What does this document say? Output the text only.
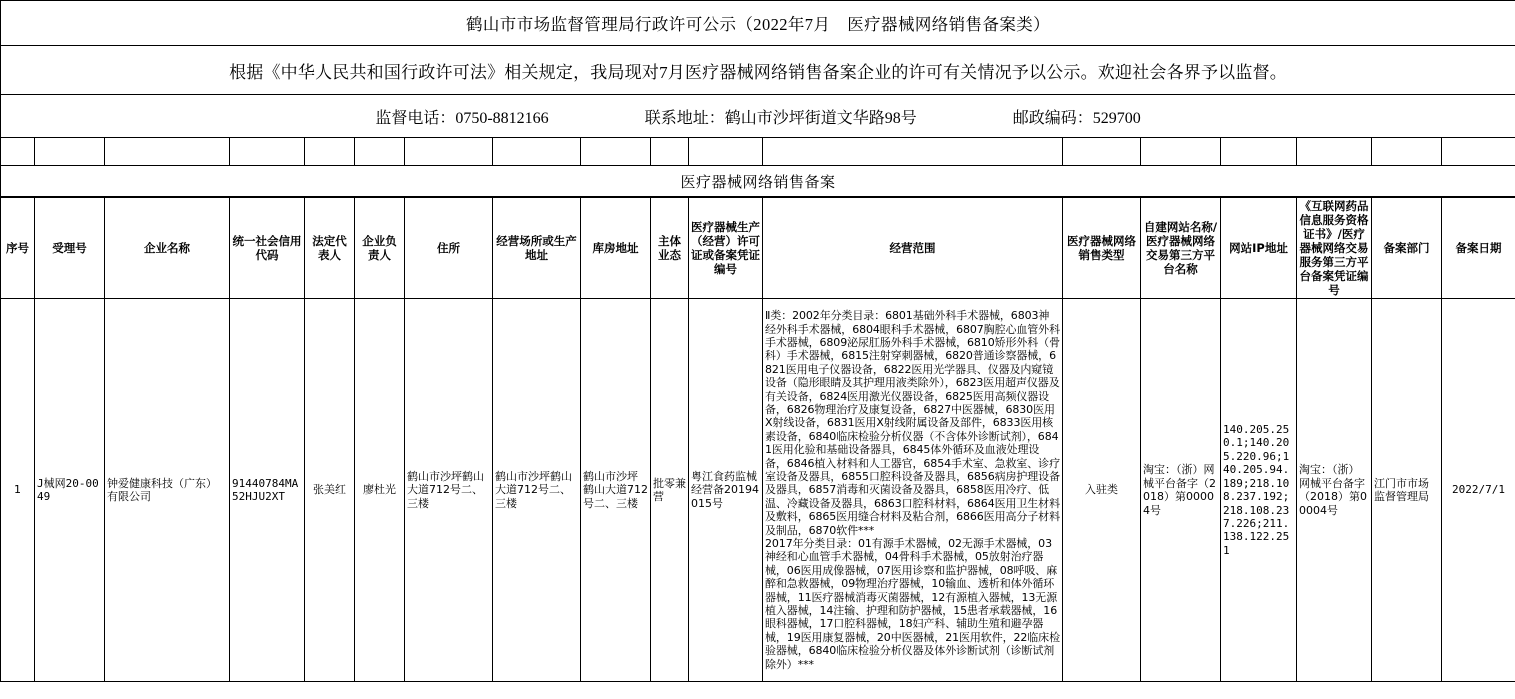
鹤山市市场监督管理局行政许可公示（2022年7月　医疗器械网络销售备案类）
根据《中华人民共和国行政许可法》相关规定，我局现对7月医疗器械网络销售备案企业的许可有关情况予以公示。欢迎社会各界予以监督。

监督电话：0750-8812166	联系地址：鹤山市沙坪街道文华路98号	邮政编码：529700

医疗器械网络销售备案
序号	受理号	企业名称	统一社会信用代码	法定代表人	企业负责人	住所	经营场所或生产地址	库房地址	主体业态	医疗器械生产（经营）许可证或备案凭证编号	经营范围	医疗器械网络销售类型	自建网站名称/医疗器械网络交易第三方平台名称	网站IP地址	《互联网药品信息服务资格证书》/医疗器械网络交易服务第三方平台备案凭证编号	备案部门	备案日期
1	J械网20-0049	钟爱健康科技（广东）有限公司	91440784MA52HJU2XT	张美红	廖杜光	鹤山市沙坪鹤山大道712号二、三楼	鹤山市沙坪鹤山大道712号二、三楼	鹤山市沙坪鹤山大道712号二、三楼	批零兼营	粤江食药监械经营备20194015号	Ⅱ类：2002年分类目录：6801基础外科手术器械，6803神经外科手术器械，6804眼科手术器械，6807胸腔心血管外科手术器械，6809泌尿肛肠外科手术器械，6810矫形外科（骨科）手术器械，6815注射穿刺器械，6820普通诊察器械，6821医用电子仪器设备，6822医用光学器具、仪器及内窥镜设备（隐形眼睛及其护理用液类除外），6823医用超声仪器及有关设备，6824医用激光仪器设备，6825医用高频仪器设备，6826物理治疗及康复设备，6827中医器械，6830医用X射线设备，6831医用X射线附属设备及部件，6833医用核素设备，6840临床检验分析仪器（不含体外诊断试剂），6841医用化验和基础设备器具，6845体外循环及血液处理设备，6846植入材料和人工器官，6854手术室、急救室、诊疗室设备及器具，6855口腔科设备及器具，6856病房护理设备及器具，6857消毒和灭菌设备及器具，6858医用冷疗、低温、冷藏设备及器具，6863口腔科材料，6864医用卫生材料及敷料，6865医用缝合材料及粘合剂，6866医用高分子材料及制品，6870软件***

2017年分类目录：01有源手术器械，02无源手术器械，03神经和心血管手术器械，04骨科手术器械，05放射治疗器械，06医用成像器械，07医用诊察和监护器械，08呼吸、麻醉和急救器械，09物理治疗器械，10输血、透析和体外循环器械，11医疗器械消毒灭菌器械，12有源植入器械，13无源植入器械，14注输、护理和防护器械，15患者承载器械，16眼科器械，17口腔科器械，18妇产科、辅助生殖和避孕器械，19医用康复器械，20中医器械，21医用软件，22临床检验器械，6840临床检验分析仪器及体外诊断试剂（诊断试剂除外）***	入驻类	淘宝：（浙）网械平台备字（2018）第00004号	140.205.250.1;140.205.220.96;140.205.94.189;218.108.237.192;218.108.237.226;211.138.122.251	淘宝：（浙）网械平台备字（2018）第00004号	江门市市场监督管理局	2022/7/1
